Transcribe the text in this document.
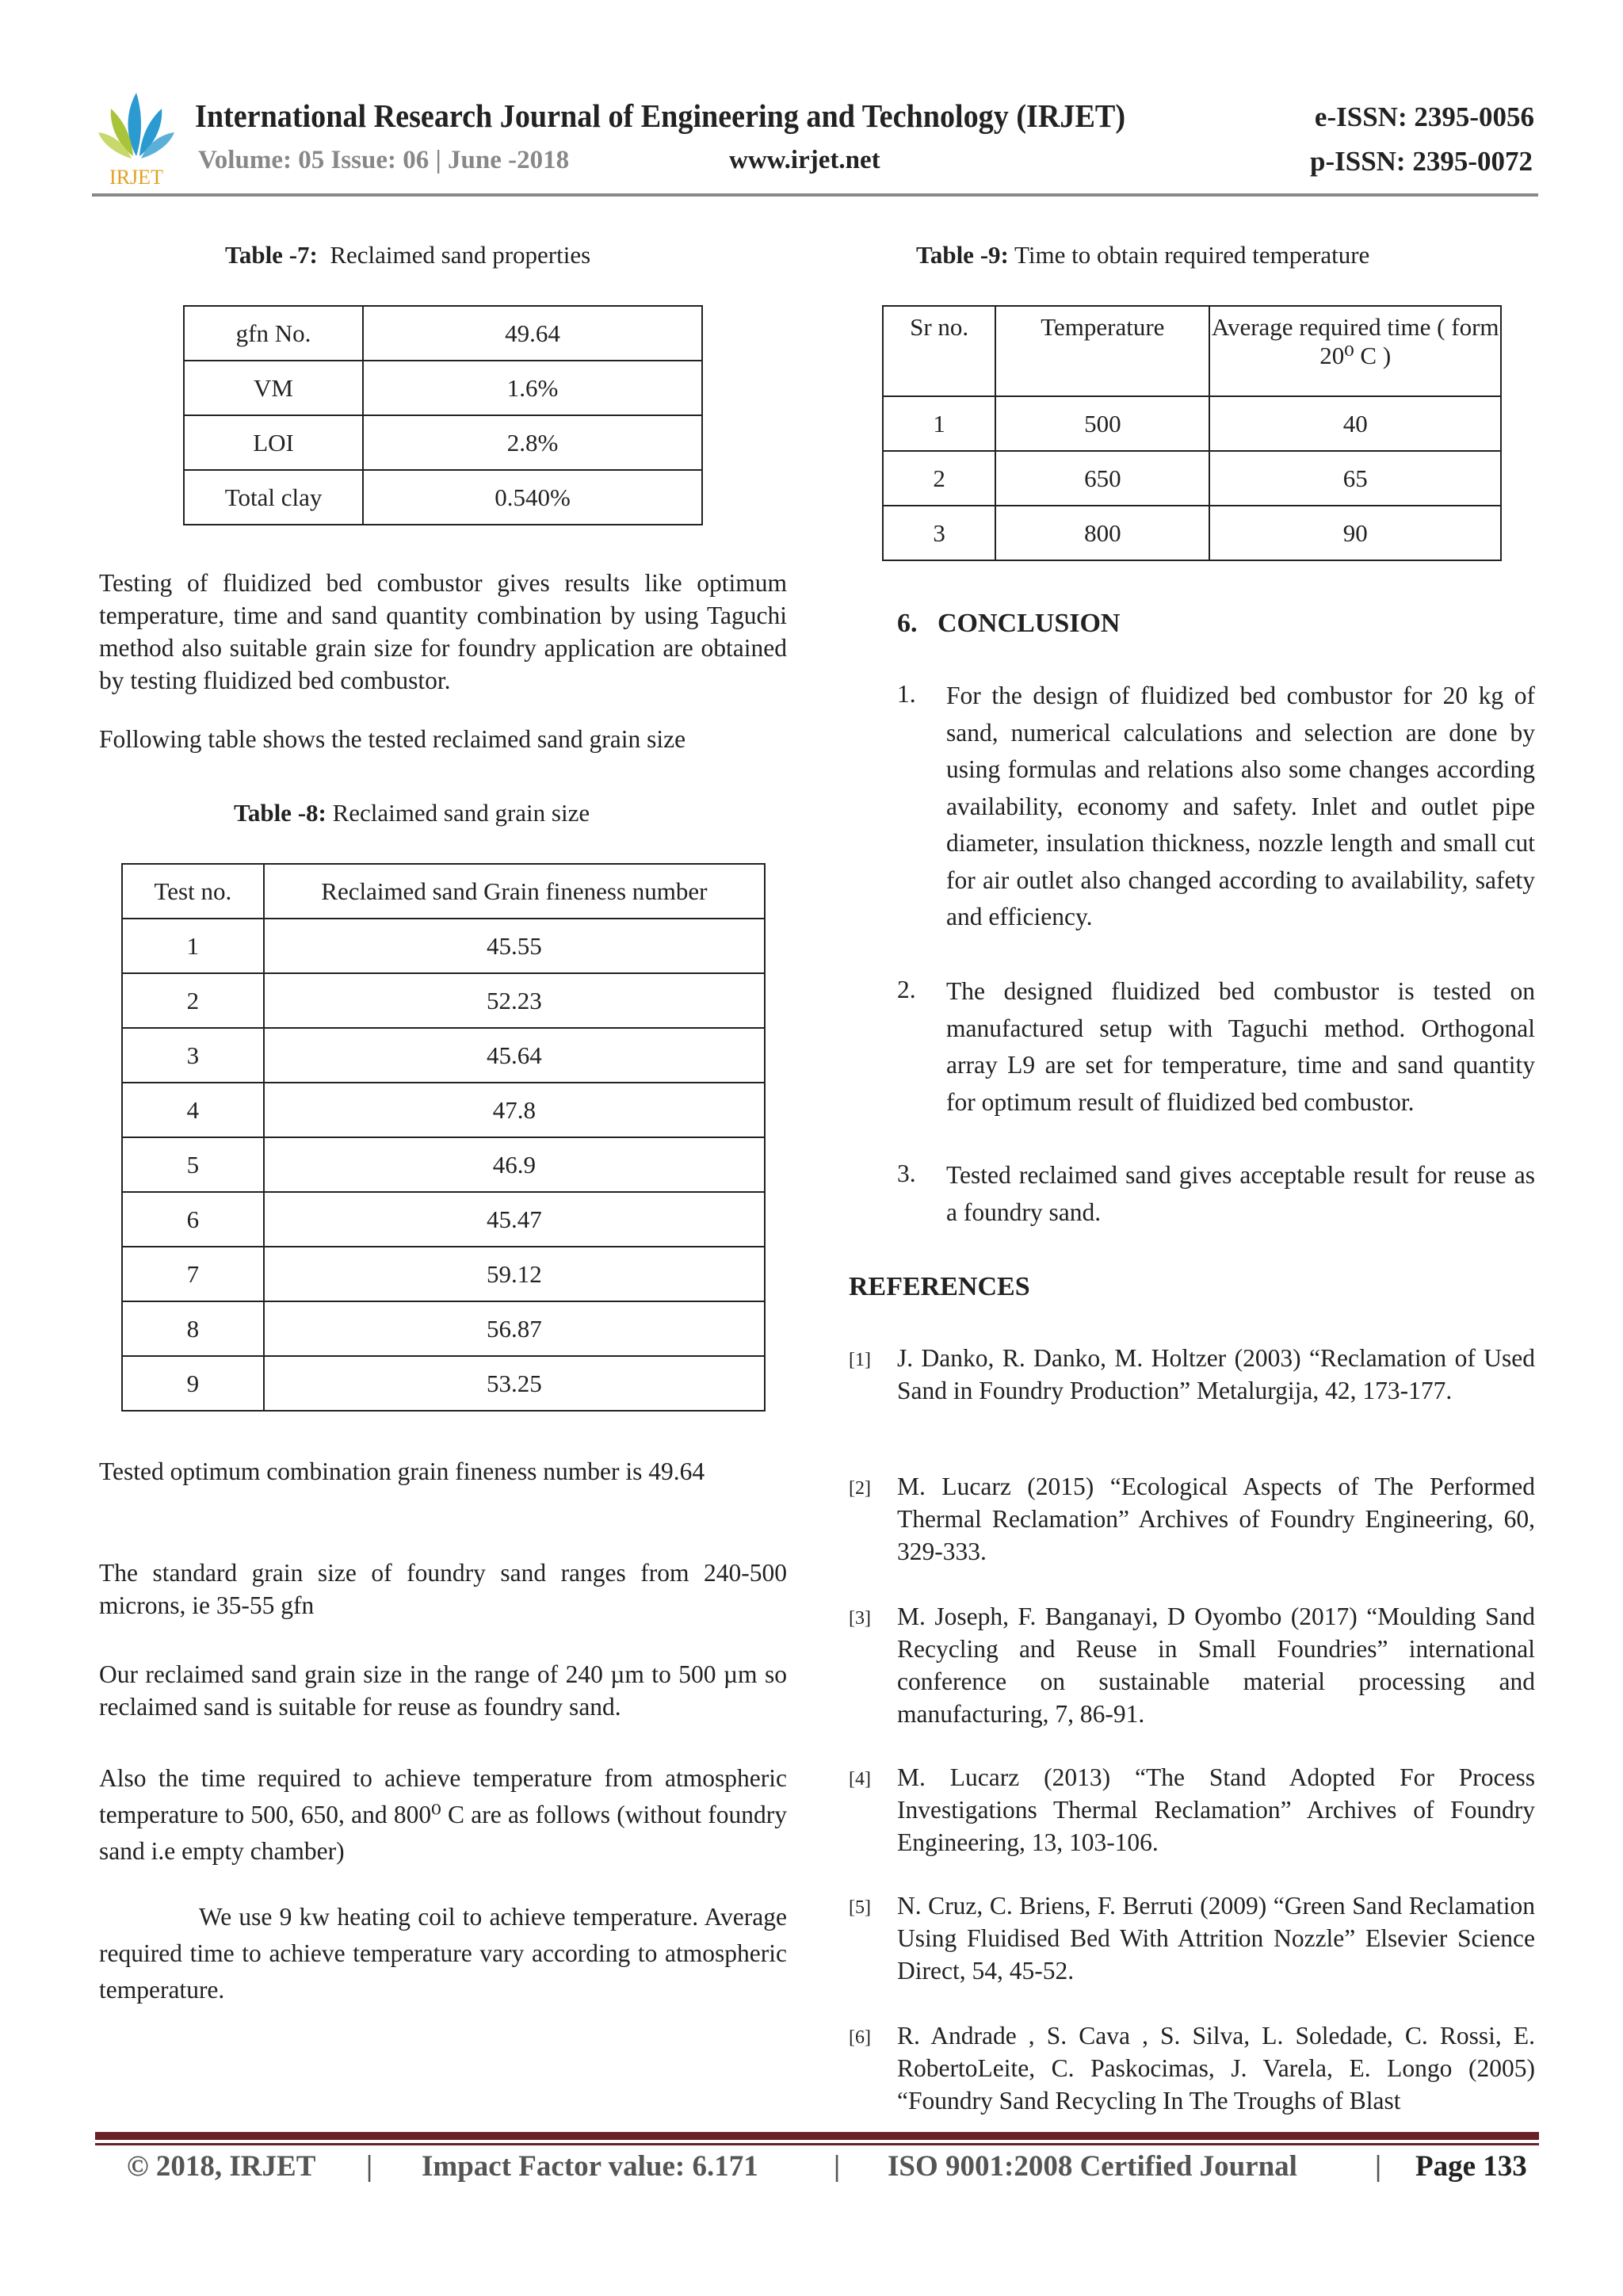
IRJET
International Research Journal of Engineering and Technology (IRJET)
Volume: 05 Issue: 06 | June -2018	www.irjet.net
e-ISSN: 2395-0056
p-ISSN: 2395-0072
Table -7: Reclaimed sand properties
gfn No.	49.64
VM	1.6%
LOI	2.8%
Total clay	0.540%
Testing of fluidized bed combustor gives results like optimum temperature, time and sand quantity combination by using Taguchi method also suitable grain size for foundry application are obtained by testing fluidized bed combustor.
Following table shows the tested reclaimed sand grain size
Table -8: Reclaimed sand grain size
Test no.	Reclaimed sand Grain fineness number
1	45.55
2	52.23
3	45.64
4	47.8
5	46.9
6	45.47
7	59.12
8	56.87
9	53.25
Tested optimum combination grain fineness number is 49.64
The standard grain size of foundry sand ranges from 240-500 microns, ie 35-55 gfn
Our reclaimed sand grain size in the range of 240 µm to 500 µm so reclaimed sand is suitable for reuse as foundry sand.
Also the time required to achieve temperature from atmospheric temperature to 500, 650, and 800⁰ C are as follows (without foundry sand i.e empty chamber)
We use 9 kw heating coil to achieve temperature. Average required time to achieve temperature vary according to atmospheric temperature.
Table -9: Time to obtain required temperature
Sr no.	Temperature	Average required time ( form 20⁰ C )
1	500	40
2	650	65
3	800	90
6.   CONCLUSION
1. For the design of fluidized bed combustor for 20 kg of sand, numerical calculations and selection are done by using formulas and relations also some changes according availability, economy and safety. Inlet and outlet pipe diameter, insulation thickness, nozzle length and small cut for air outlet also changed according to availability, safety and efficiency.
2. The designed fluidized bed combustor is tested on manufactured setup with Taguchi method. Orthogonal array L9 are set for temperature, time and sand quantity for optimum result of fluidized bed combustor.
3. Tested reclaimed sand gives acceptable result for reuse as a foundry sand.
REFERENCES
[1] J. Danko, R. Danko, M. Holtzer (2003) “Reclamation of Used Sand in Foundry Production” Metalurgija, 42, 173-177.
[2] M. Lucarz (2015) “Ecological Aspects of The Performed Thermal Reclamation” Archives of Foundry Engineering, 60, 329-333.
[3] M. Joseph, F. Banganayi, D Oyombo (2017) “Moulding Sand Recycling and Reuse in Small Foundries” international conference on sustainable material processing and manufacturing, 7, 86-91.
[4] M. Lucarz (2013) “The Stand Adopted For Process Investigations Thermal Reclamation” Archives of Foundry Engineering, 13, 103-106.
[5] N. Cruz, C. Briens, F. Berruti (2009) “Green Sand Reclamation Using Fluidised Bed With Attrition Nozzle” Elsevier Science Direct, 54, 45-52.
[6] R. Andrade , S. Cava , S. Silva, L. Soledade, C. Rossi, E. RobertoLeite, C. Paskocimas, J. Varela, E. Longo (2005) “Foundry Sand Recycling In The Troughs of Blast
© 2018, IRJET | Impact Factor value: 6.171	| ISO 9001:2008 Certified Journal	| Page 133
